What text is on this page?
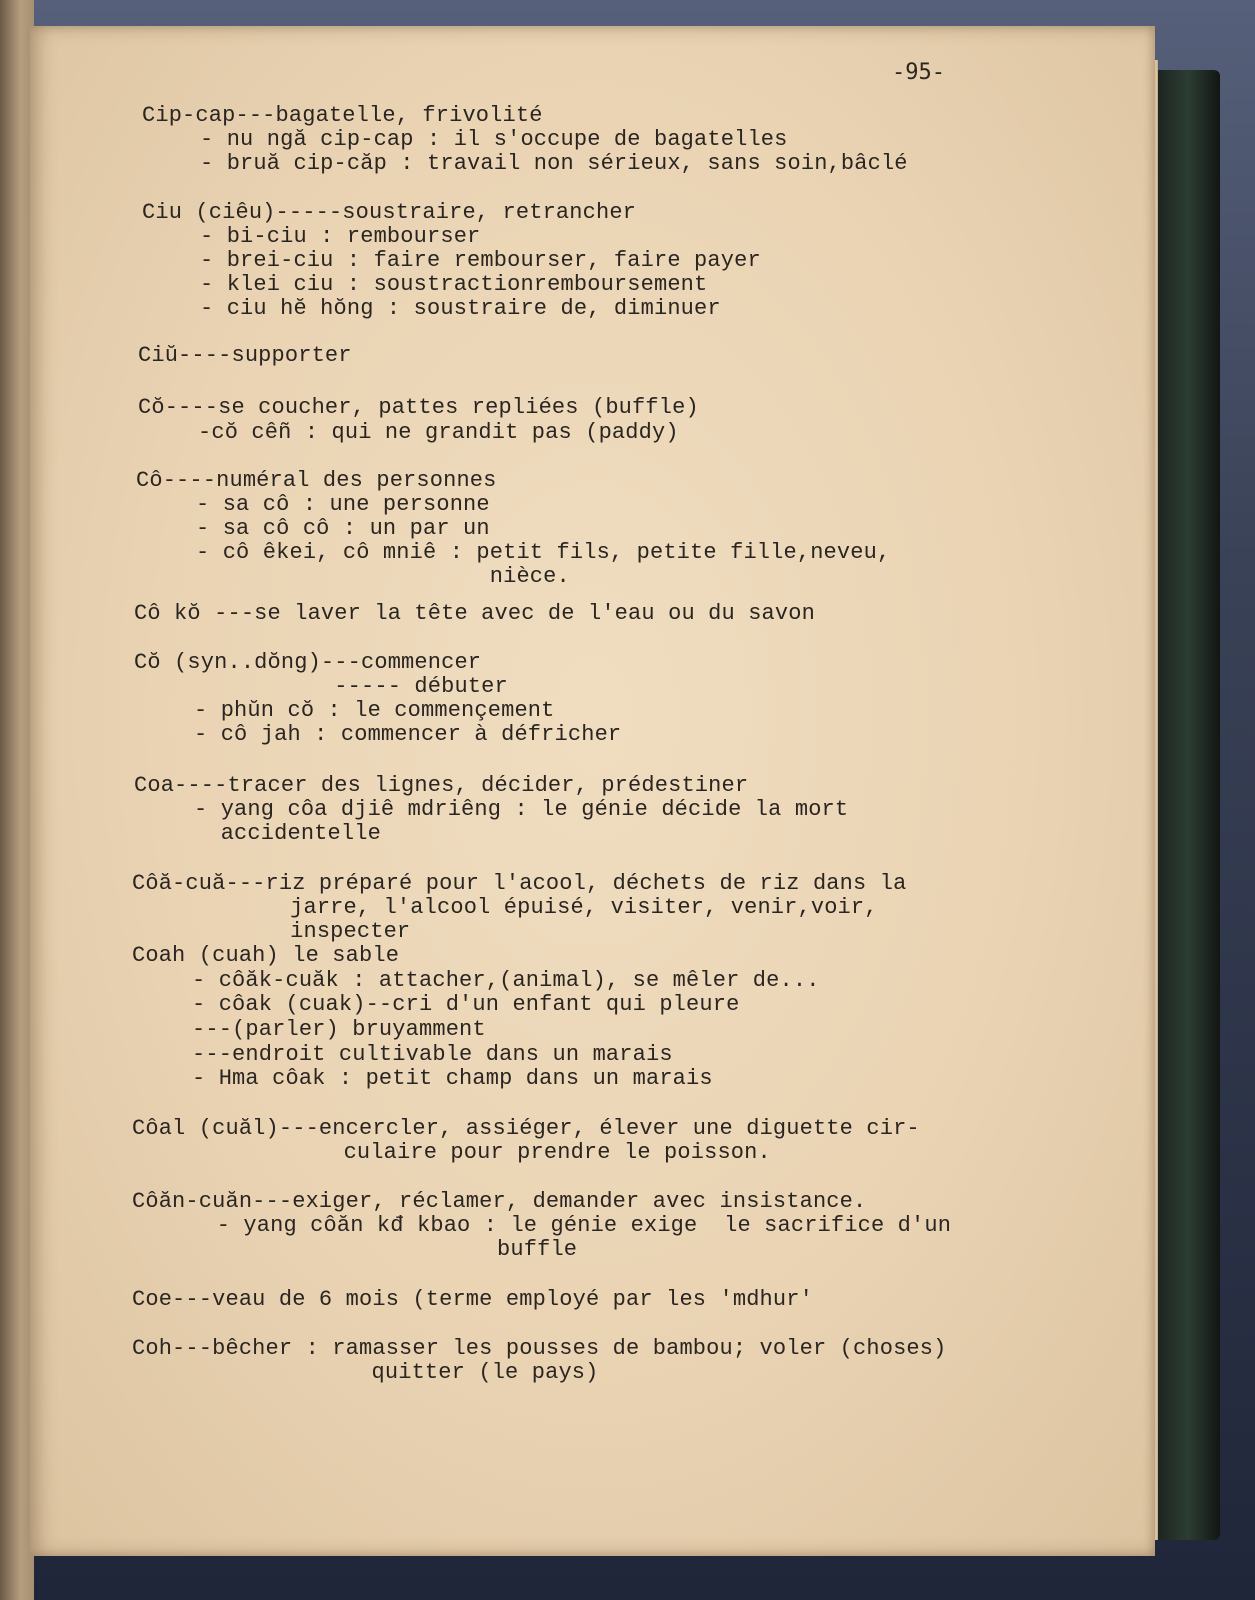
-95-

Cip-cap---bagatelle, frivolité

- nu ngă cip-cap : il s'occupe de bagatelles

- bruă cip-căp : travail non sérieux, sans soin,bâclé

Ciu (ciêu)-----soustraire, retrancher

- bi-ciu : rembourser

- brei-ciu : faire rembourser, faire payer

- klei ciu : soustractionremboursement

- ciu hĕ hŏng : soustraire de, diminuer

Ciŭ----supporter

Cŏ----se coucher, pattes repliées (buffle)

-cŏ cêñ : qui ne grandit pas (paddy)

Cô----numéral des personnes

- sa cô : une personne

- sa cô cô : un par un

- cô êkei, cô mniê : petit fils, petite fille,neveu,

nièce.

Cô kŏ ---se laver la tête avec de l'eau ou du savon

Cŏ (syn..dŏng)---commencer

----- débuter

- phŭn cŏ : le commençement

- cô jah : commencer à défricher

Coa----tracer des lignes, décider, prédestiner

- yang côa djiê mdriêng : le génie décide la mort

accidentelle

Côă-cuă---riz préparé pour l'acool, déchets de riz dans la

jarre, l'alcool épuisé, visiter, venir,voir,

inspecter

Coah (cuah) le sable

- côăk-cuăk : attacher,(animal), se mêler de...

- côak (cuak)--cri d'un enfant qui pleure

---(parler) bruyamment

---endroit cultivable dans un marais

- Hma côak : petit champ dans un marais

Côal (cuăl)---encercler, assiéger, élever une diguette cir-

culaire pour prendre le poisson.

Côăn-cuăn---exiger, réclamer, demander avec insistance.

- yang côăn kđ kbao : le génie exige  le sacrifice d'un

buffle

Coe---veau de 6 mois (terme employé par les 'mdhur'

Coh---bêcher : ramasser les pousses de bambou; voler (choses)

quitter (le pays)
